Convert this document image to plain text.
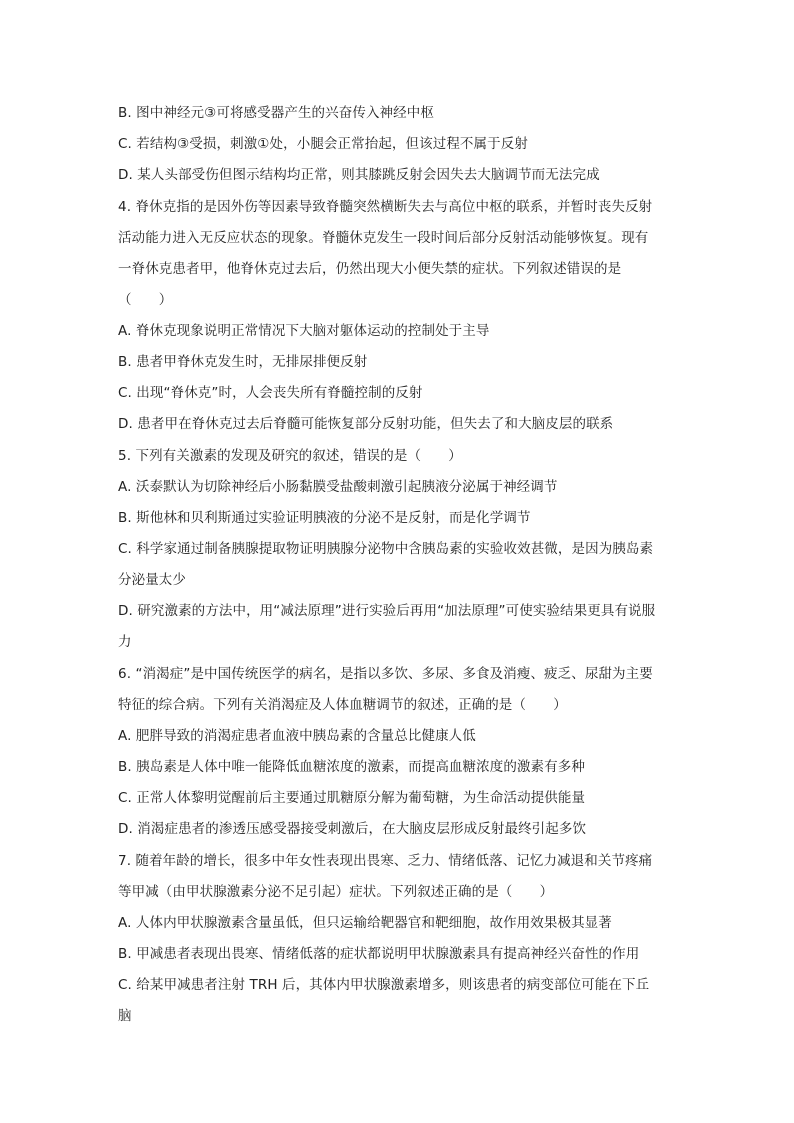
B. 图中神经元③可将感受器产生的兴奋传入神经中枢
C. 若结构③受损，刺激①处，小腿会正常抬起，但该过程不属于反射
D. 某人头部受伤但图示结构均正常，则其膝跳反射会因失去大脑调节而无法完成
4. 脊休克指的是因外伤等因素导致脊髓突然横断失去与高位中枢的联系，并暂时丧失反射
活动能力进入无反应状态的现象。脊髓休克发生一段时间后部分反射活动能够恢复。现有
一脊休克患者甲，他脊休克过去后，仍然出现大小便失禁的症状。下列叙述错误的是
（　　）
A. 脊休克现象说明正常情况下大脑对躯体运动的控制处于主导
B. 患者甲脊休克发生时，无排尿排便反射
C. 出现“脊休克”时，人会丧失所有脊髓控制的反射
D. 患者甲在脊休克过去后脊髓可能恢复部分反射功能，但失去了和大脑皮层的联系
5. 下列有关激素的发现及研究的叙述，错误的是（　　）
A. 沃泰默认为切除神经后小肠黏膜受盐酸刺激引起胰液分泌属于神经调节
B. 斯他林和贝利斯通过实验证明胰液的分泌不是反射，而是化学调节
C. 科学家通过制备胰腺提取物证明胰腺分泌物中含胰岛素的实验收效甚微，是因为胰岛素
分泌量太少
D. 研究激素的方法中，用“减法原理”进行实验后再用“加法原理”可使实验结果更具有说服
力
6. “消渴症”是中国传统医学的病名，是指以多饮、多尿、多食及消瘦、疲乏、尿甜为主要
特征的综合病。下列有关消渴症及人体血糖调节的叙述，正确的是（　　）
A. 肥胖导致的消渴症患者血液中胰岛素的含量总比健康人低
B. 胰岛素是人体中唯一能降低血糖浓度的激素，而提高血糖浓度的激素有多种
C. 正常人体黎明觉醒前后主要通过肌糖原分解为葡萄糖，为生命活动提供能量
D. 消渴症患者的渗透压感受器接受刺激后，在大脑皮层形成反射最终引起多饮
7. 随着年龄的增长，很多中年女性表现出畏寒、乏力、情绪低落、记忆力减退和关节疼痛
等甲减（由甲状腺激素分泌不足引起）症状。下列叙述正确的是（　　）
A. 人体内甲状腺激素含量虽低，但只运输给靶器官和靶细胞，故作用效果极其显著
B. 甲减患者表现出畏寒、情绪低落的症状都说明甲状腺激素具有提高神经兴奋性的作用
C. 给某甲减患者注射 TRH 后，其体内甲状腺激素增多，则该患者的病变部位可能在下丘
脑
